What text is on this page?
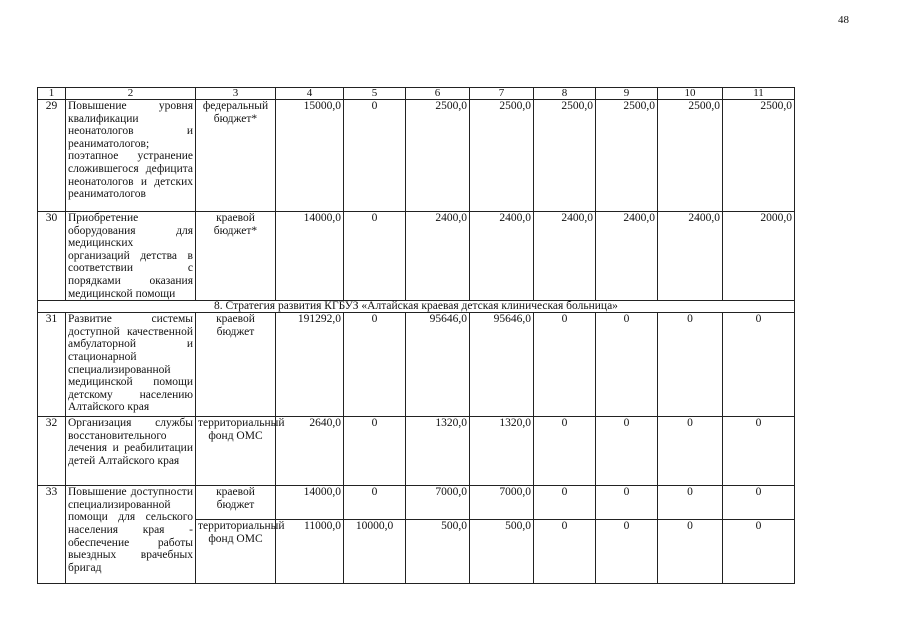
48
1	2	3	4	5	6	7	8	9	10	11
29	Повышение уровня квалификации неонатологов и реаниматологов; поэтапное устранение сложившегося дефицита неонатологов и детских реаниматологов	федеральный бюджет*	15000,0	0	2500,0	2500,0	2500,0	2500,0	2500,0	2500,0
30	Приобретение оборудования для медицинских организаций детства в соответствии с порядками оказания медицинской помощи	краевой бюджет*	14000,0	0	2400,0	2400,0	2400,0	2400,0	2400,0	2000,0
8. Стратегия развития КГБУЗ «Алтайская краевая детская клиническая больница»										
31	Развитие системы доступной качественной амбулаторной и стационарной специализированной медицинской помощи детскому населению Алтайского края	краевой бюджет	191292,0	0	95646,0	95646,0	0	0	0	0
32	Организация службы восстановительного лечения и реабилитации детей Алтайского края	территориальный фонд ОМС	2640,0	0	1320,0	1320,0	0	0	0	0
33	Повышение доступности специализированной помощи для сельского населения края - обеспечение работы выездных врачебных бригад	краевой бюджет	14000,0	0	7000,0	7000,0	0	0	0	0
		территориальный фонд ОМС	11000,0	10000,0	500,0	500,0	0	0	0	0
